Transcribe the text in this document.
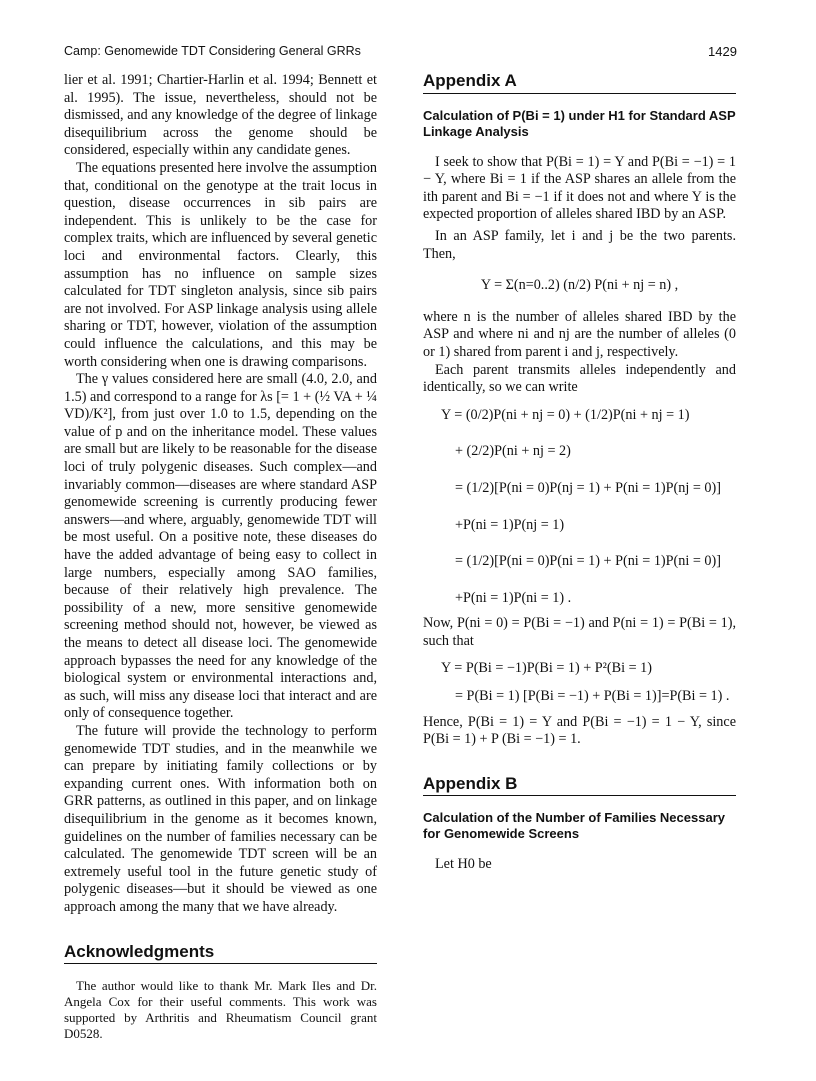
Camp: Genomewide TDT Considering General GRRs	1429

lier et al. 1991; Chartier-Harlin et al. 1994; Bennett et al. 1995). The issue, nevertheless, should not be dismissed, and any knowledge of the degree of linkage disequilibrium across the genome should be considered, especially within any candidate genes.

The equations presented here involve the assumption that, conditional on the genotype at the trait locus in question, disease occurrences in sib pairs are independent. This is unlikely to be the case for complex traits, which are influenced by several genetic loci and environmental factors. Clearly, this assumption has no influence on sample sizes calculated for TDT singleton analysis, since sib pairs are not involved. For ASP linkage analysis using allele sharing or TDT, however, violation of the assumption could influence the calculations, and this may be worth considering when one is drawing comparisons.

The γ values considered here are small (4.0, 2.0, and 1.5) and correspond to a range for λs [= 1 + (½ VA + ¼ VD)/K²], from just over 1.0 to 1.5, depending on the value of p and on the inheritance model. These values are small but are likely to be reasonable for the disease loci of truly polygenic diseases. Such complex—and invariably common—diseases are where standard ASP genomewide screening is currently producing fewer answers—and where, arguably, genomewide TDT will be most useful. On a positive note, these diseases do have the added advantage of being easy to collect in large numbers, especially among SAO families, because of their relatively high prevalence. The possibility of a new, more sensitive genomewide screening method should not, however, be viewed as the means to detect all disease loci. The genomewide approach bypasses the need for any knowledge of the biological system or environmental interactions and, as such, will miss any disease loci that interact and are only of consequence together.

The future will provide the technology to perform genomewide TDT studies, and in the meanwhile we can prepare by initiating family collections or by expanding current ones. With information both on GRR patterns, as outlined in this paper, and on linkage disequilibrium in the genome as it becomes known, guidelines on the number of families necessary can be calculated. The genomewide TDT screen will be an extremely useful tool in the future genetic study of polygenic diseases—but it should be viewed as one approach among the many that we have already.

Acknowledgments

The author would like to thank Mr. Mark Iles and Dr. Angela Cox for their useful comments. This work was supported by Arthritis and Rheumatism Council grant D0528.

Appendix A
Calculation of P(Bi = 1) under H1 for Standard ASP Linkage Analysis

I seek to show that P(Bi = 1) = Y and P(Bi = −1) = 1 − Y, where Bi = 1 if the ASP shares an allele from the ith parent and Bi = −1 if it does not and where Y is the expected proportion of alleles shared IBD by an ASP.

In an ASP family, let i and j be the two parents. Then,

Y = Σ(n=0..2) (n/2) P(ni + nj = n) ,

where n is the number of alleles shared IBD by the ASP and where ni and nj are the number of alleles (0 or 1) shared from parent i and j, respectively.

Each parent transmits alleles independently and identically, so we can write

Y = (0/2)P(ni + nj = 0) + (1/2)P(ni + nj = 1)
+ (2/2)P(ni + nj = 2)
= (1/2)[P(ni = 0)P(nj = 1) + P(ni = 1)P(nj = 0)]
+P(ni = 1)P(nj = 1)
= (1/2)[P(ni = 0)P(ni = 1) + P(ni = 1)P(ni = 0)]
+P(ni = 1)P(ni = 1) .

Now, P(ni = 0) = P(Bi = −1) and P(ni = 1) = P(Bi = 1), such that

Y = P(Bi = −1)P(Bi = 1) + P²(Bi = 1)
= P(Bi = 1) [P(Bi = −1) + P(Bi = 1)]=P(Bi = 1) .

Hence, P(Bi = 1) = Y and P(Bi = −1) = 1 − Y, since P(Bi = 1) + P (Bi = −1) = 1.

Appendix B
Calculation of the Number of Families Necessary for Genomewide Screens

Let H0 be
